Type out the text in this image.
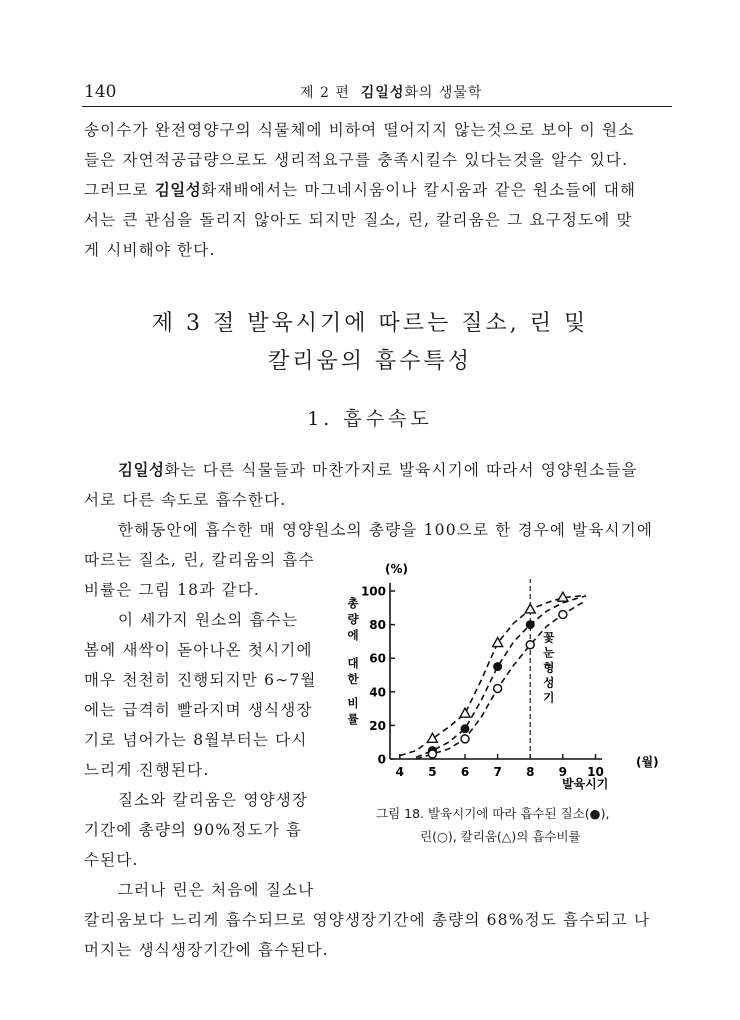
140	제 2 편 김일성화의 생물학
송이수가 완전영양구의 식물체에 비하여 떨어지지 않는것으로 보아 이 원소
들은 자연적공급량으로도 생리적요구를 충족시킬수 있다는것을 알수 있다.
그러므로 김일성화재배에서는 마그네시움이나 칼시움과 같은 원소들에 대해
서는 큰 관심을 돌리지 않아도 되지만 질소, 린, 칼리움은 그 요구정도에 맞
게 시비해야 한다.
제 3 절 발육시기에 따르는 질소, 린 및
칼리움의 흡수특성
1. 흡수속도
김일성화는 다른 식물들과 마찬가지로 발육시기에 따라서 영양원소들을
서로 다른 속도로 흡수한다.
한해동안에 흡수한 매 영양원소의 총량을 100으로 한 경우에 발육시기에
따르는 질소, 린, 칼리움의 흡수
비률은 그림 18과 같다.
이 세가지 원소의 흡수는
봄에 새싹이 돋아나온 첫시기에
매우 천천히 진행되지만 6∼7월
에는 급격히 빨라지며 생식생장
기로 넘어가는 8월부터는 다시
느리게 진행된다.
질소와 칼리움은 영양생장
기간에 총량의 90%정도가 흡
수된다.
그러나 린은 처음에 질소나
칼리움보다 느리게 흡수되므로 영양생장기간에 총량의 68%정도 흡수되고 나
머지는 생식생장기간에 흡수된다.
(%)
(월)
발육시기
총
량
에
대
한
비
률
꽃
눈
형
성
기
0
20
40
60
80
100
4 5 6 7 8 9 10
그림 18. 발육시기에 따라 흡수된 질소(●),
린(○), 칼리움(△)의 흡수비률
